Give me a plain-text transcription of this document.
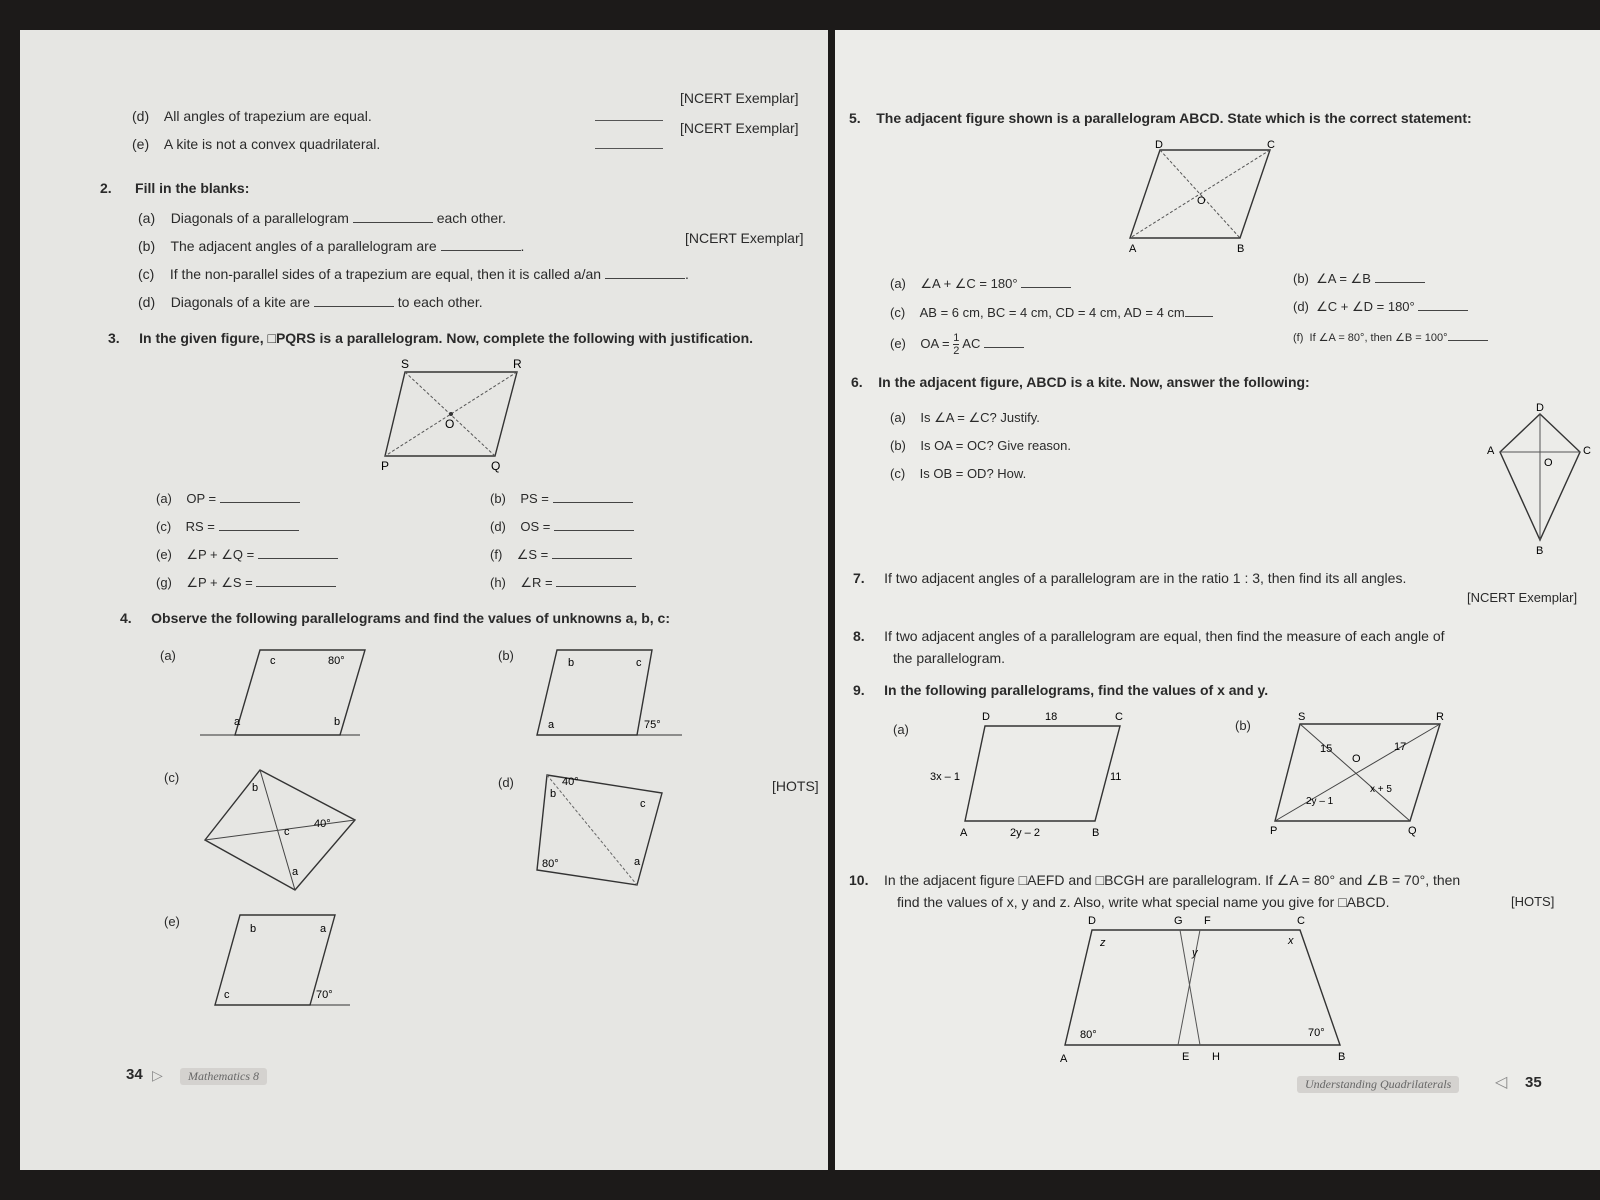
(d) All angles of trapezium are equal.
[NCERT Exemplar]
(e) A kite is not a convex quadrilateral.
[NCERT Exemplar]
2. Fill in the blanks:
(a) Diagonals of a parallelogram	each other.
(b) The adjacent angles of a parallelogram are	.	[NCERT Exemplar]
(c) If the non-parallel sides of a trapezium are equal, then it is called a/an	.
(d) Diagonals of a kite are	to each other.
3. In the given figure, □PQRS is a parallelogram. Now, complete the following with justification.
S	R
P	Q
O
(a) OP =	(b) PS =
(c) RS =	(d) OS =
(e) ∠P + ∠Q =	(f) ∠S =
(g) ∠P + ∠S =	(h) ∠R =
4. Observe the following parallelograms and find the values of unknowns a, b, c:
(a)	c	80°
a	b
(b)	b	c
a	75°
(c)
b
c
40°
a
(d)	40°
b
c
a
80°
[HOTS]
(e)	b	a
c	70°
34 ▷	Mathematics 8
5. The adjacent figure shown is a parallelogram ABCD. State which is the correct statement:
D	C
A	B
O
(a) ∠A + ∠C = 180°	(b) ∠A = ∠B
(c) AB = 6 cm, BC = 4 cm, CD = 4 cm, AD = 4 cm	(d) ∠C + ∠D = 180°
(e) OA = $\frac{1}{2}$ AC	(f) If ∠A = 80°, then ∠B = 100°
6. In the adjacent figure, ABCD is a kite. Now, answer the following:
(a) Is ∠A = ∠C? Justify.
(b) Is OA = OC? Give reason.
(c) Is OB = OD? How.
D
A	C
B
O
7. If two adjacent angles of a parallelogram are in the ratio 1 : 3, then find its all angles.
[NCERT Exemplar]
8. If two adjacent angles of a parallelogram are equal, then find the measure of each angle of
the parallelogram.
9. In the following parallelograms, find the values of x and y.
(a)
D	18	C
11
3x – 1
A	2y – 2	B
(b)
S	R
P	Q
O
15	17
2y – 1
x + 5
10. In the adjacent figure □AEFD and □BCGH are parallelogram. If ∠A = 80° and ∠B = 70°, then
find the values of x, y and z. Also, write what special name you give for □ABCD.	[HOTS]
D	G F	C
A	E H	B
z
y
x
80°	70°
Understanding Quadrilaterals	◁ 35
